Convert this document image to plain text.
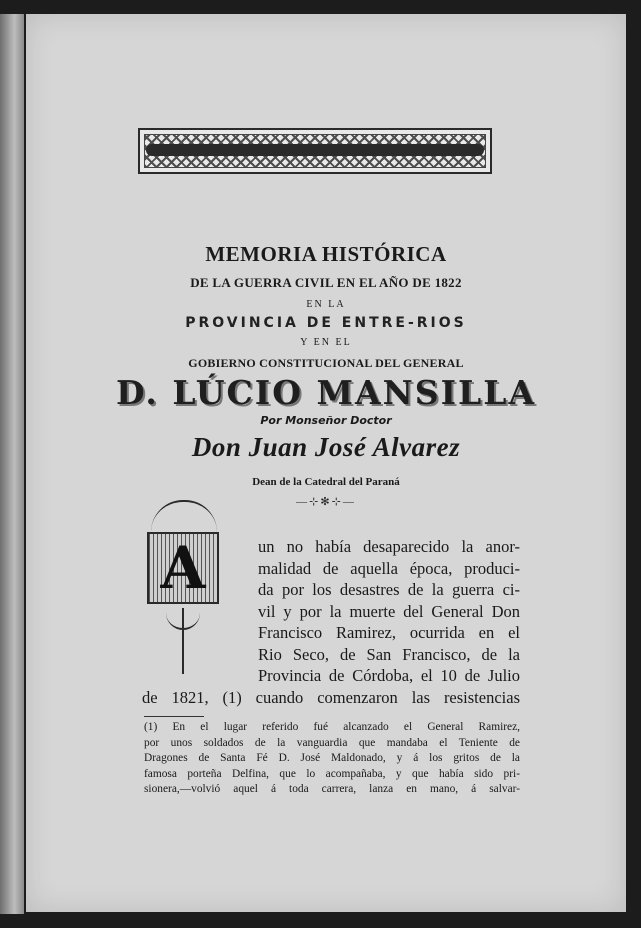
MEMORIA HISTÓRICA
DE LA GUERRA CIVIL EN EL AÑO DE 1822
EN LA
PROVINCIA DE ENTRE-RIOS
Y EN EL
GOBIERNO CONSTITUCIONAL DEL GENERAL
D. LÚCIO MANSILLA
Por Monseñor Doctor
Don Juan José Alvarez
Dean de la Catedral del Paraná
—⊹✻⊹—
A	un no había desaparecido la anor-
malidad de aquella época, produci-
da por los desastres de la guerra ci-
vil y por la muerte del General Don
Francisco Ramirez, ocurrida en el
Rio Seco, de San Francisco, de la
Provincia de Córdoba, el 10 de Julio
de 1821, (1) cuando comenzaron las resistencias
(1) En el lugar referido fué alcanzado el General Ramirez,
por unos soldados de la vanguardia que mandaba el Teniente de
Dragones de Santa Fé D. José Maldonado, y á los gritos de la
famosa porteña Delfina, que lo acompañaba, y que había sido pri-
sionera,—volvió aquel á toda carrera, lanza en mano, á salvar-
